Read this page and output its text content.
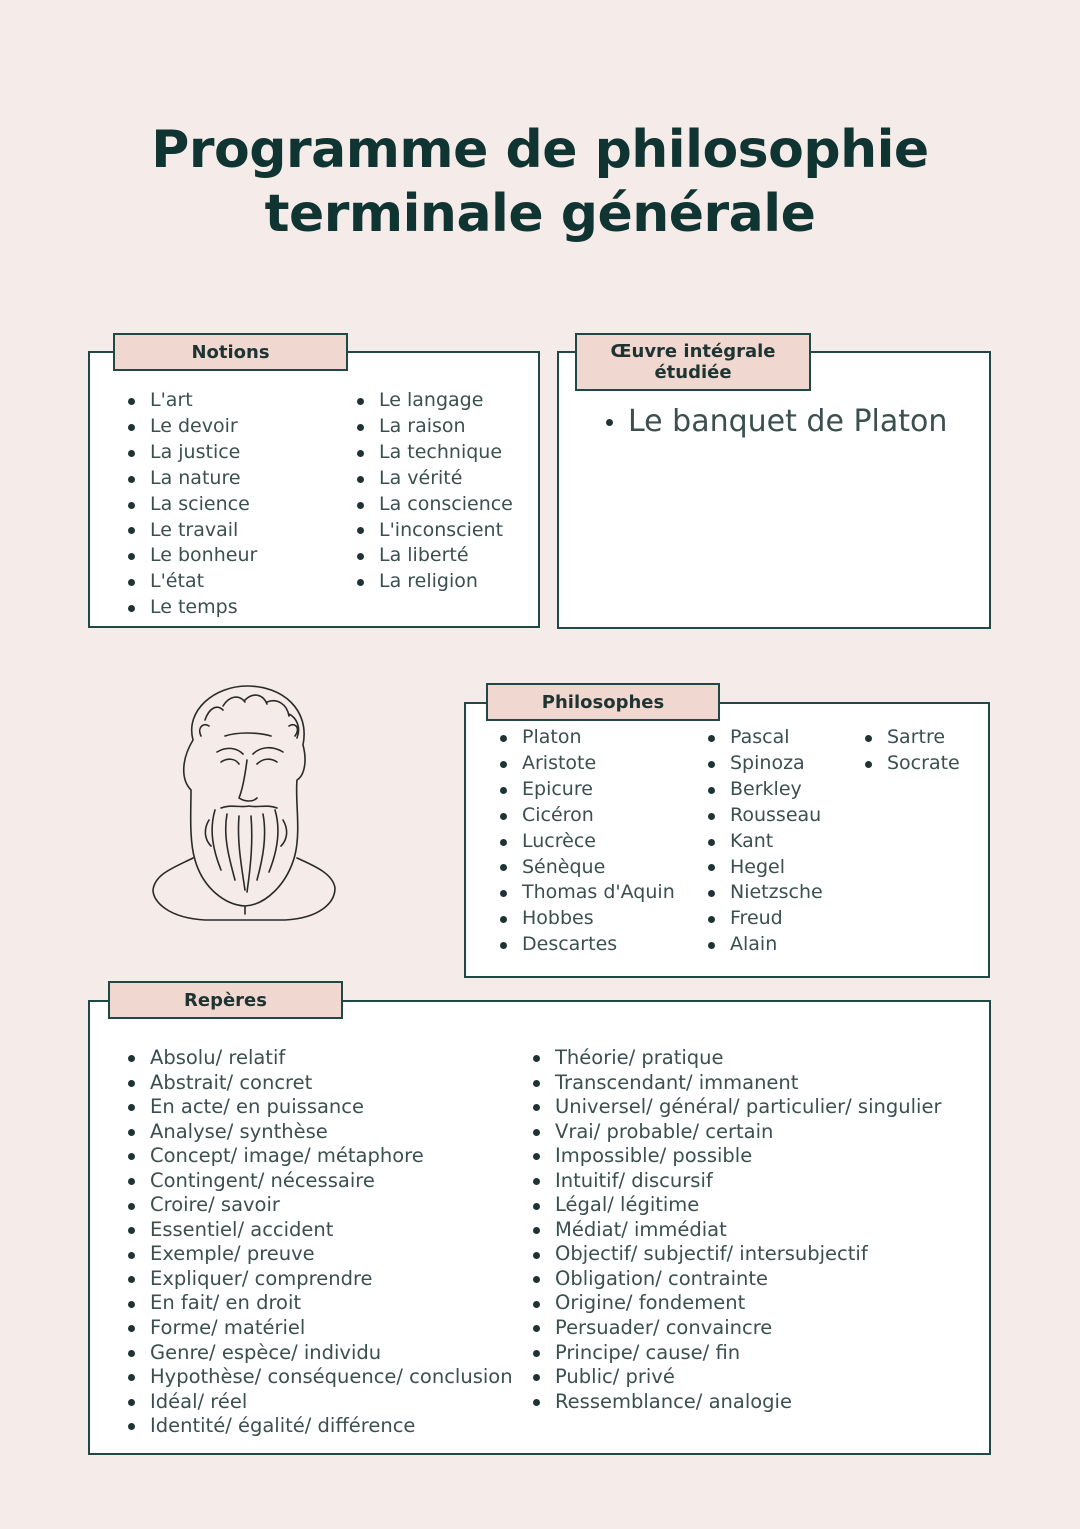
Programme de philosophie
terminale générale
Notions
L'art
Le devoir
La justice
La nature
La science
Le travail
Le bonheur
L'état
Le temps
Le langage
La raison
La technique
La vérité
La conscience
L'inconscient
La liberté
La religion
Œuvre intégrale
étudiée
Le banquet de Platon
Philosophes
Platon
Aristote
Epicure
Cicéron
Lucrèce
Sénèque
Thomas d'Aquin
Hobbes
Descartes
Pascal
Spinoza
Berkley
Rousseau
Kant
Hegel
Nietzsche
Freud
Alain
Sartre
Socrate
Repères
Absolu/ relatif
Abstrait/ concret
En acte/ en puissance
Analyse/ synthèse
Concept/ image/ métaphore
Contingent/ nécessaire
Croire/ savoir
Essentiel/ accident
Exemple/ preuve
Expliquer/ comprendre
En fait/ en droit
Forme/ matériel
Genre/ espèce/ individu
Hypothèse/ conséquence/ conclusion
Idéal/ réel
Identité/ égalité/ différence
Théorie/ pratique
Transcendant/ immanent
Universel/ général/ particulier/ singulier
Vrai/ probable/ certain
Impossible/ possible
Intuitif/ discursif
Légal/ légitime
Médiat/ immédiat
Objectif/ subjectif/ intersubjectif
Obligation/ contrainte
Origine/ fondement
Persuader/ convaincre
Principe/ cause/ fin
Public/ privé
Ressemblance/ analogie
